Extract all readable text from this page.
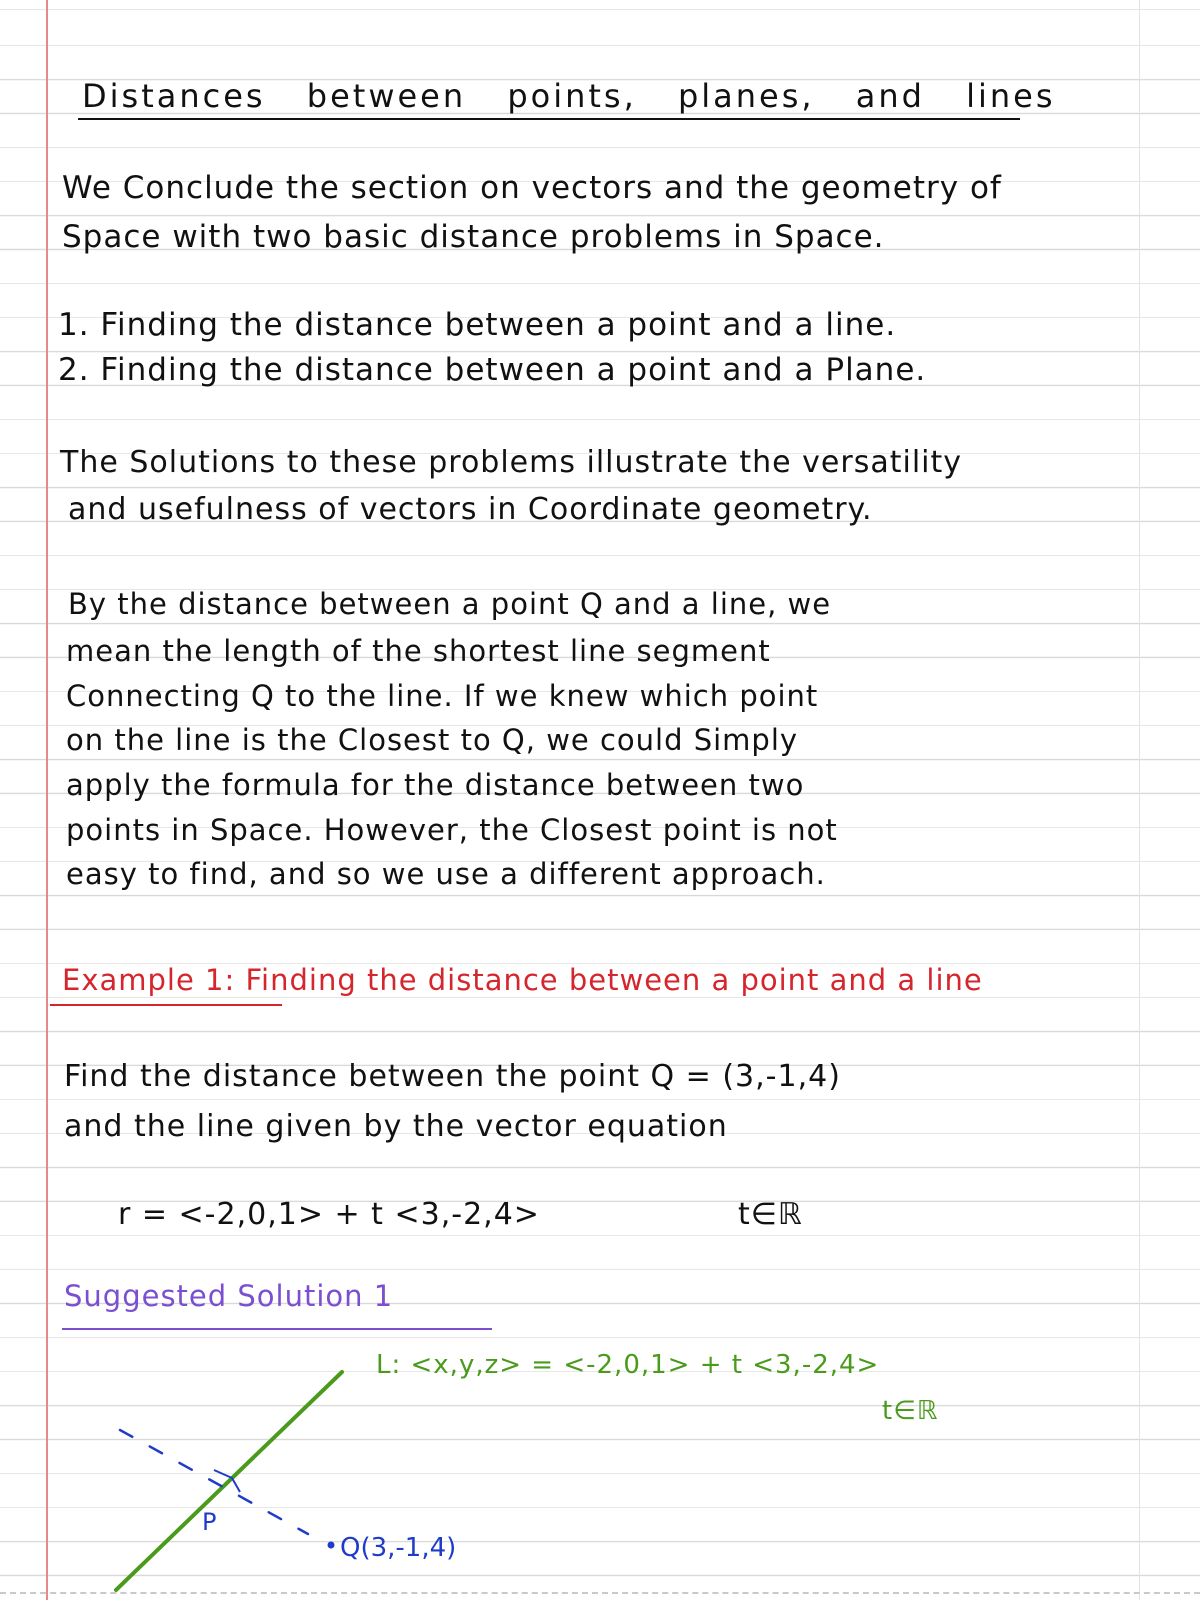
Distances between points, planes, and lines
We Conclude the section on vectors and the geometry of
Space with two basic distance problems in Space.
1. Finding the distance between a point and a line.
2. Finding the distance between a point and a Plane.
The Solutions to these problems illustrate the versatility
and usefulness of vectors in Coordinate geometry.
By the distance between a point Q and a line, we
mean the length of the shortest line segment
Connecting Q to the line. If we knew which point
on the line is the Closest to Q, we could Simply
apply the formula for the distance between two
points in Space. However, the Closest point is not
easy to find, and so we use a different approach.
Example 1: Finding the distance between a point and a line
Find the distance between the point Q = (3,-1,4)
and the line given by the vector equation
r = <-2,0,1> + t <3,-2,4>	t∈ℝ
Suggested Solution 1
L: <x,y,z> = <-2,0,1> + t <3,-2,4>
t∈ℝ
P
Q(3,-1,4)
